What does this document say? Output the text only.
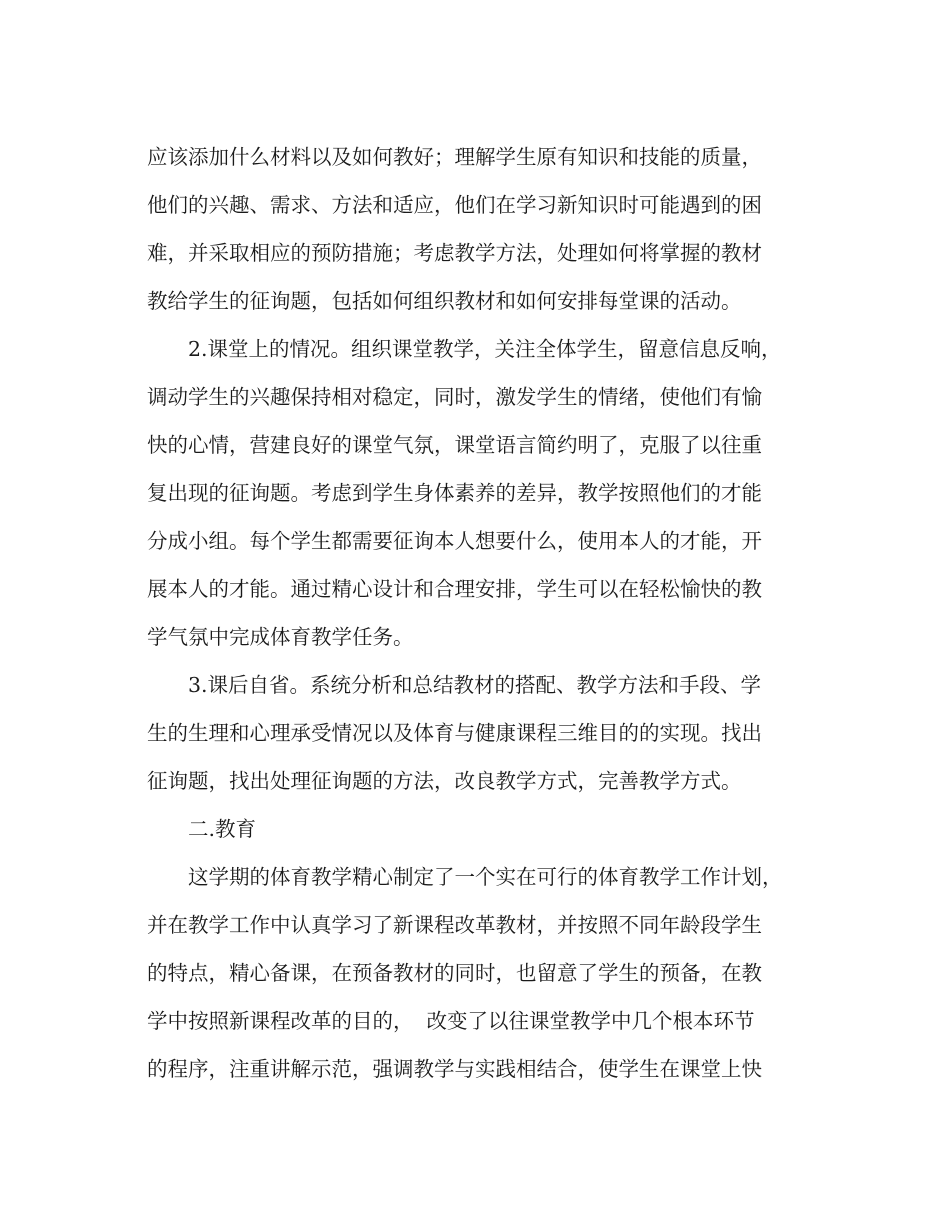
应该添加什么材料以及如何教好；理解学生原有知识和技能的质量，
他们的兴趣、需求、方法和适应，他们在学习新知识时可能遇到的困
难，并采取相应的预防措施；考虑教学方法，处理如何将掌握的教材
教给学生的征询题，包括如何组织教材和如何安排每堂课的活动。
2.课堂上的情况。组织课堂教学，关注全体学生，留意信息反响，
调动学生的兴趣保持相对稳定，同时，激发学生的情绪，使他们有愉
快的心情，营建良好的课堂气氛，课堂语言简约明了，克服了以往重
复出现的征询题。考虑到学生身体素养的差异，教学按照他们的才能
分成小组。每个学生都需要征询本人想要什么，使用本人的才能，开
展本人的才能。通过精心设计和合理安排，学生可以在轻松愉快的教
学气氛中完成体育教学任务。
3.课后自省。系统分析和总结教材的搭配、教学方法和手段、学
生的生理和心理承受情况以及体育与健康课程三维目的的实现。找出
征询题，找出处理征询题的方法，改良教学方式，完善教学方式。
二.教育
这学期的体育教学精心制定了一个实在可行的体育教学工作计划，
并在教学工作中认真学习了新课程改革教材，并按照不同年龄段学生
的特点，精心备课，在预备教材的同时，也留意了学生的预备，在教
学中按照新课程改革的目的，  改变了以往课堂教学中几个根本环节
的程序，注重讲解示范，强调教学与实践相结合，使学生在课堂上快
